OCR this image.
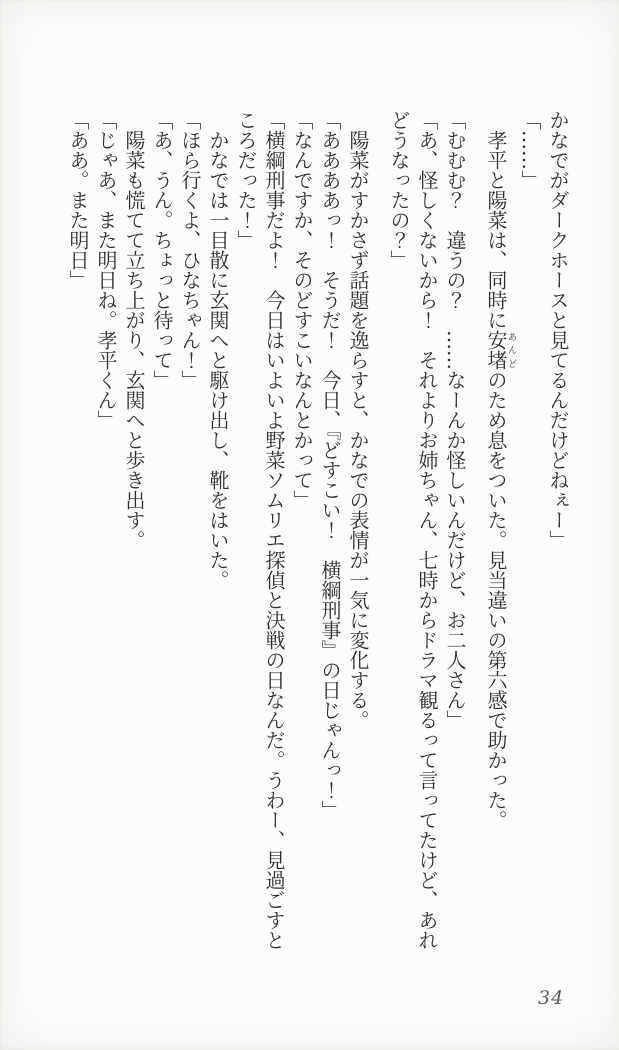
かなでがダークホースと見てるんだけどねぇー」

「……」

　孝平と陽菜は、同時に安堵あんどのため息をついた。見当違いの第六感で助かった。

「むむむ？　違うの？　……なーんか怪しいんだけど、お二人さん」

「あ、怪しくないから！　それよりお姉ちゃん、七時からドラマ観るって言ってたけど、あれどうなったの？」

　陽菜がすかさず話題を逸らすと、かなでの表情が一気に変化する。

「ああああっ！　そうだ！　今日、『どすこい！　横綱刑事』の日じゃんっ！」

「なんですか、そのどすこいなんとかって」

「横綱刑事だよ！　今日はいよいよ野菜ソムリエ探偵と決戦の日なんだ。うわー、見過ごすところだった！」

　かなでは一目散に玄関へと駆け出し、靴をはいた。

「ほら行くよ、ひなちゃん！」

「あ、うん。ちょっと待って」

　陽菜も慌てて立ち上がり、玄関へと歩き出す。

「じゃあ、また明日ね。孝平くん」

「ああ。また明日」

34
